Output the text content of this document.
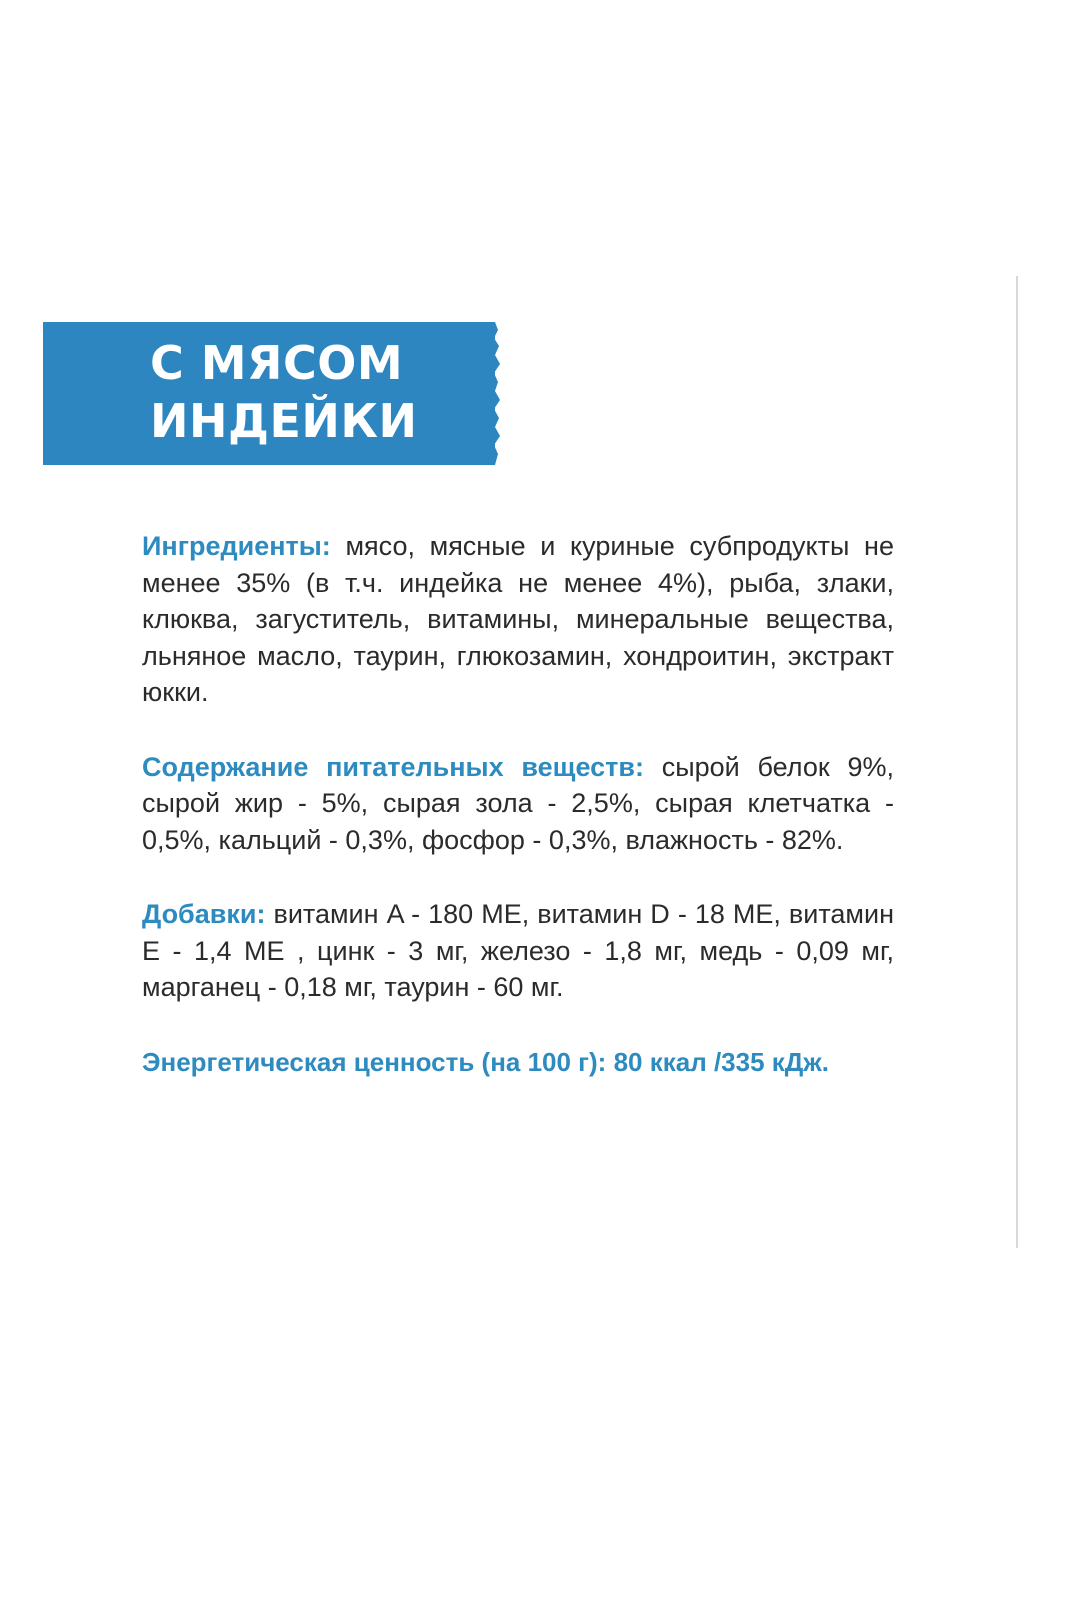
С МЯСОМ
ИНДЕЙКИ

Ингредиенты: мясо, мясные и куриные субпродукты не менее 35% (в т.ч. индейка не менее 4%), рыба, злаки, клюква, загуститель, витамины, минеральные вещества, льняное масло, таурин, глюкозамин, хондроитин, экстракт юкки.

Содержание питательных веществ: сырой белок 9%, сырой жир - 5%, сырая зола - 2,5%, сырая клетчатка - 0,5%, кальций - 0,3%, фосфор - 0,3%, влажность - 82%.

Добавки: витамин A - 180 ME, витамин D - 18 ME, витамин E - 1,4 ME , цинк - 3 мг, железо - 1,8 мг, медь - 0,09 мг, марганец - 0,18 мг, таурин - 60 мг.

Энергетическая ценность (на 100 г): 80 ккал /335 кДж.
